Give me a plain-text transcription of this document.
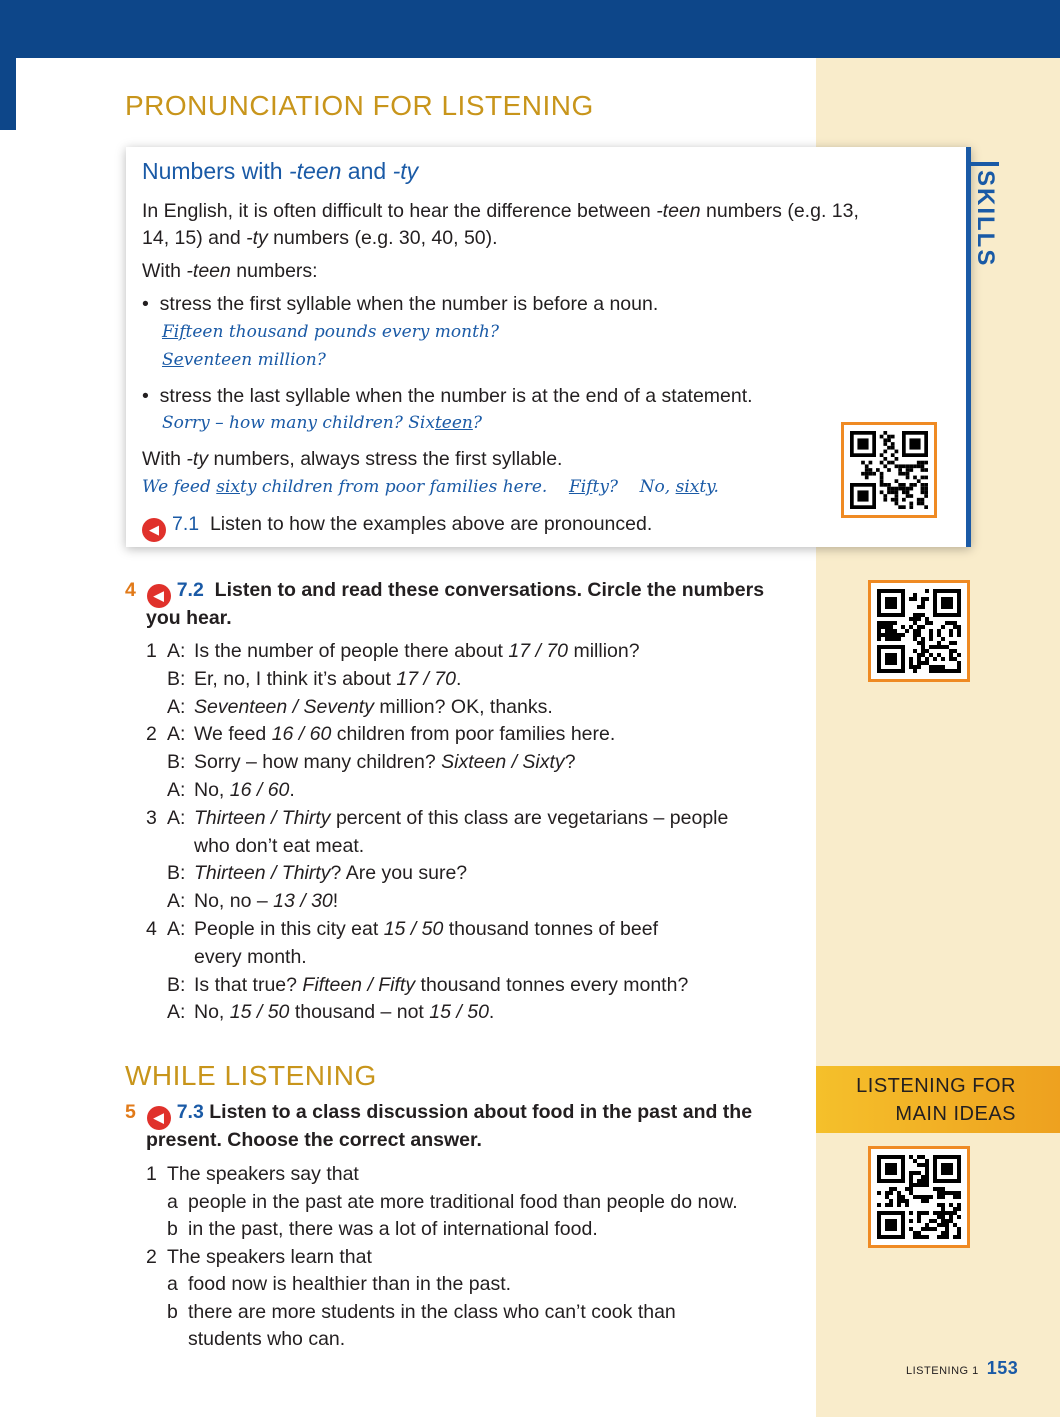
PRONUNCIATION FOR LISTENING
SKILLS
Numbers with -teen and -ty
In English, it is often difficult to hear the difference between -teen numbers (e.g. 13,
14, 15) and -ty numbers (e.g. 30, 40, 50).
With -teen numbers:
•  stress the first syllable when the number is before a noun.
Fifteen thousand pounds every month?
Seventeen million?
•  stress the last syllable when the number is at the end of a statement.
Sorry – how many children? Sixteen?
With -ty numbers, always stress the first syllable.
We feed sixty children from poor families here. Fifty? No, sixty.
◀ 7.1 Listen to how the examples above are pronounced.
4 ◀ 7.2 Listen to and read these conversations. Circle the numbers
you hear.
1 A: Is the number of people there about 17 / 70 million?
B: Er, no, I think it’s about 17 / 70.
A: Seventeen / Seventy million? OK, thanks.
2 A: We feed 16 / 60 children from poor families here.
B: Sorry – how many children? Sixteen / Sixty?
A: No, 16 / 60.
3 A: Thirteen / Thirty percent of this class are vegetarians – people
who don’t eat meat.
B: Thirteen / Thirty? Are you sure?
A: No, no – 13 / 30!
4 A: People in this city eat 15 / 50 thousand tonnes of beef
every month.
B: Is that true? Fifteen / Fifty thousand tonnes every month?
A: No, 15 / 50 thousand – not 15 / 50.
WHILE LISTENING	LISTENING FOR
MAIN IDEAS
5 ◀ 7.3 Listen to a class discussion about food in the past and the
present. Choose the correct answer.
1 The speakers say that
a people in the past ate more traditional food than people do now.
b in the past, there was a lot of international food.
2 The speakers learn that
a food now is healthier than in the past.
b there are more students in the class who can’t cook than
students who can.
LISTENING 1 153
